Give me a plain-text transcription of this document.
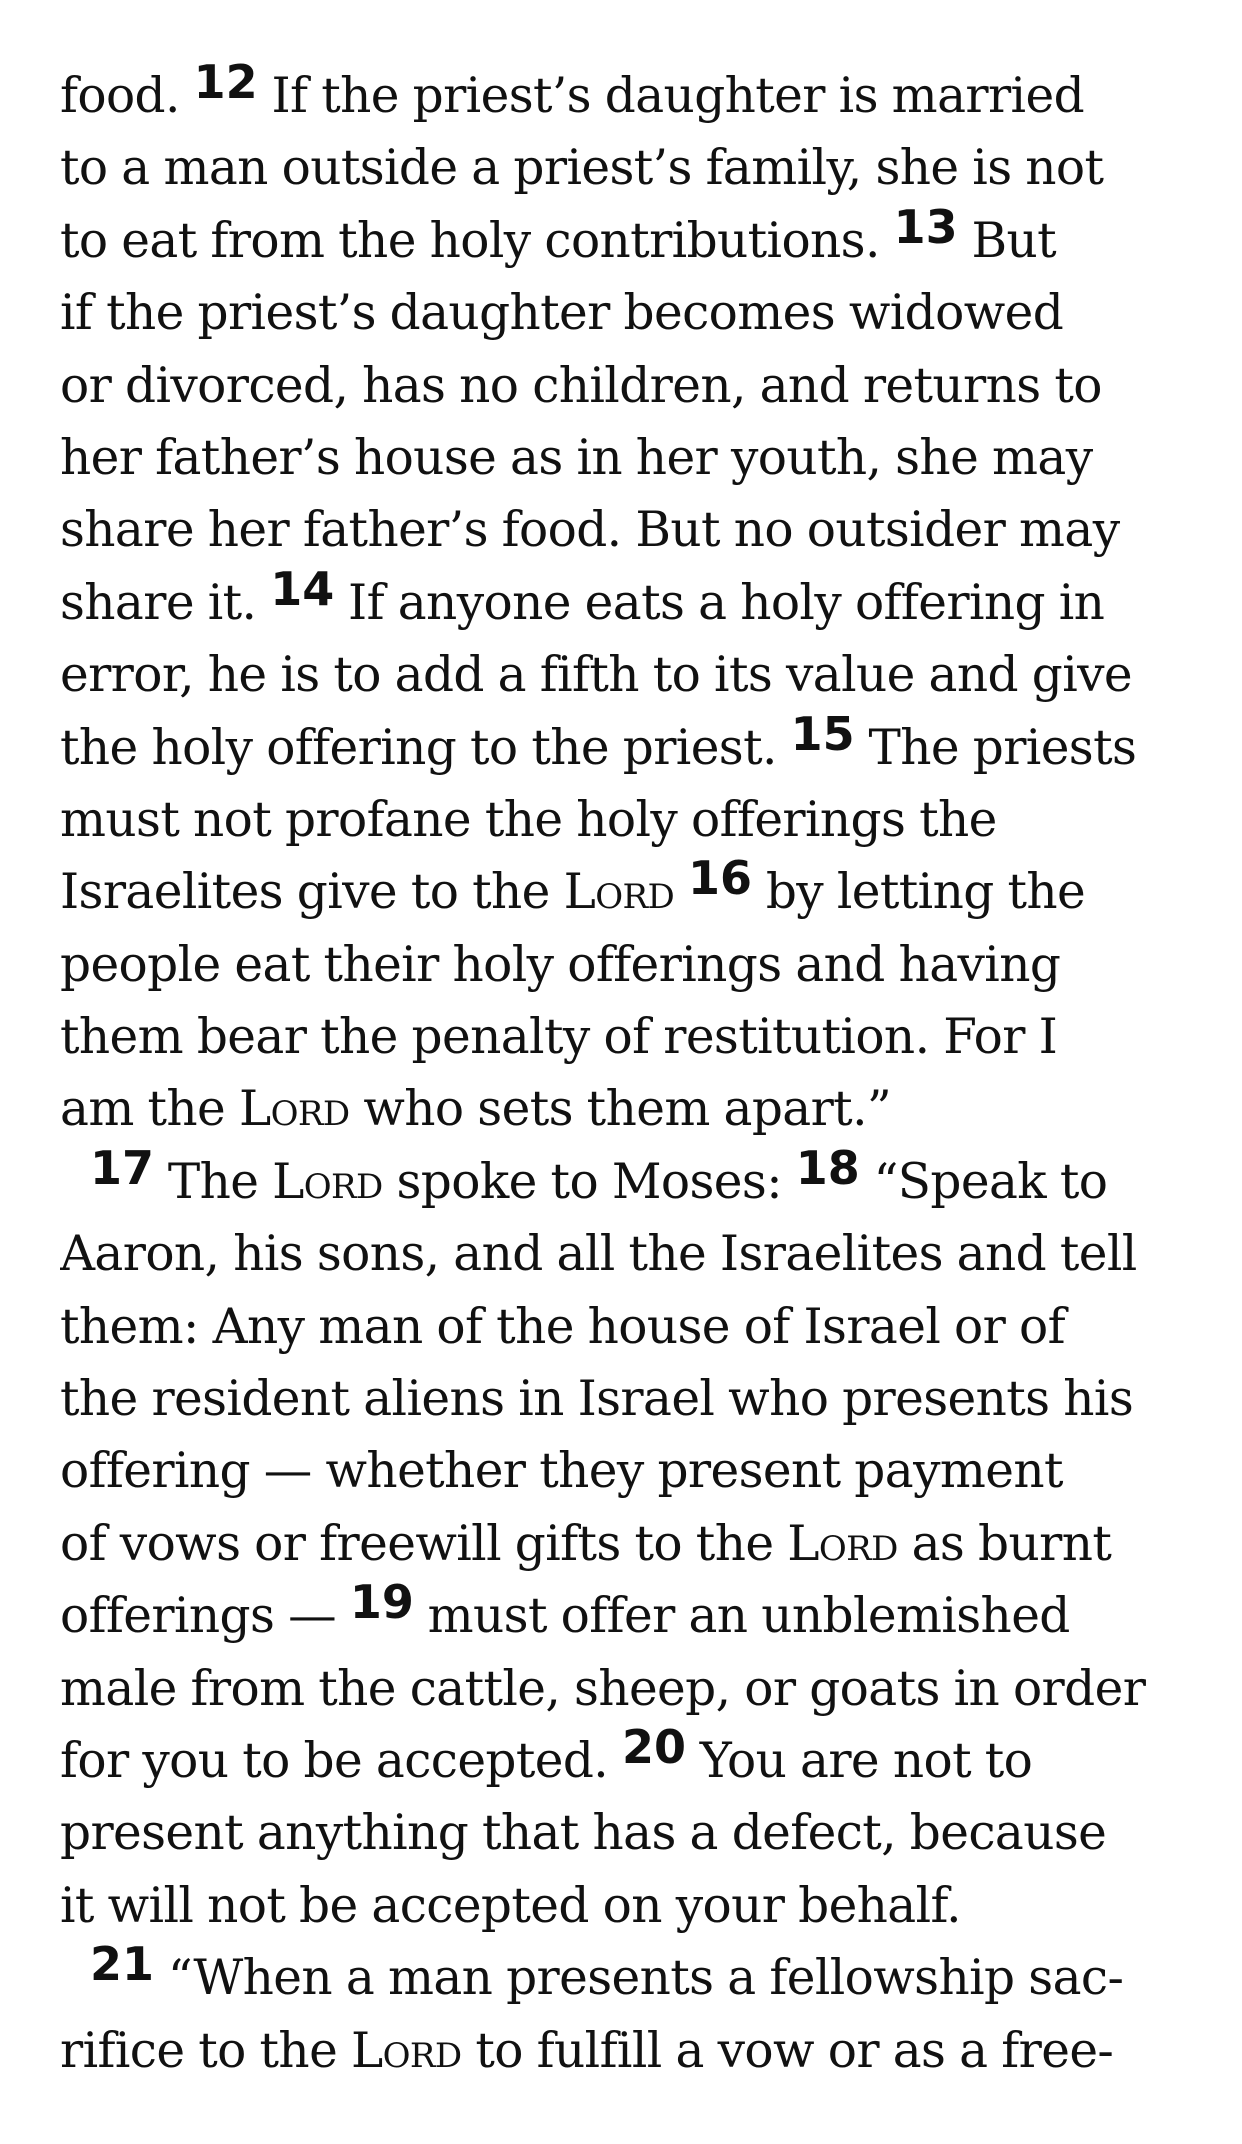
food. 12 If the priest’s daughter is married
to a man outside a priest’s family, she is not
to eat from the holy contributions. 13 But
if the priest’s daughter becomes widowed
or divorced, has no children, and returns to
her father’s house as in her youth, she may
share her father’s food. But no outsider may
share it. 14 If anyone eats a holy offering in
error, he is to add a fifth to its value and give
the holy offering to the priest. 15 The priests
must not profane the holy offerings the
Israelites give to the Lord 16 by letting the
people eat their holy offerings and having
them bear the penalty of restitution. For I
am the Lord who sets them apart.”
17 The Lord spoke to Moses: 18 “Speak to
Aaron, his sons, and all the Israelites and tell
them: Any man of the house of Israel or of
the resident aliens in Israel who presents his
offering — whether they present payment
of vows or freewill gifts to the Lord as burnt
offerings — 19 must offer an unblemished
male from the cattle, sheep, or goats in order
for you to be accepted. 20 You are not to
present anything that has a defect, because
it will not be accepted on your behalf.
21 “When a man presents a fellowship sac-
rifice to the Lord to fulfill a vow or as a free-
